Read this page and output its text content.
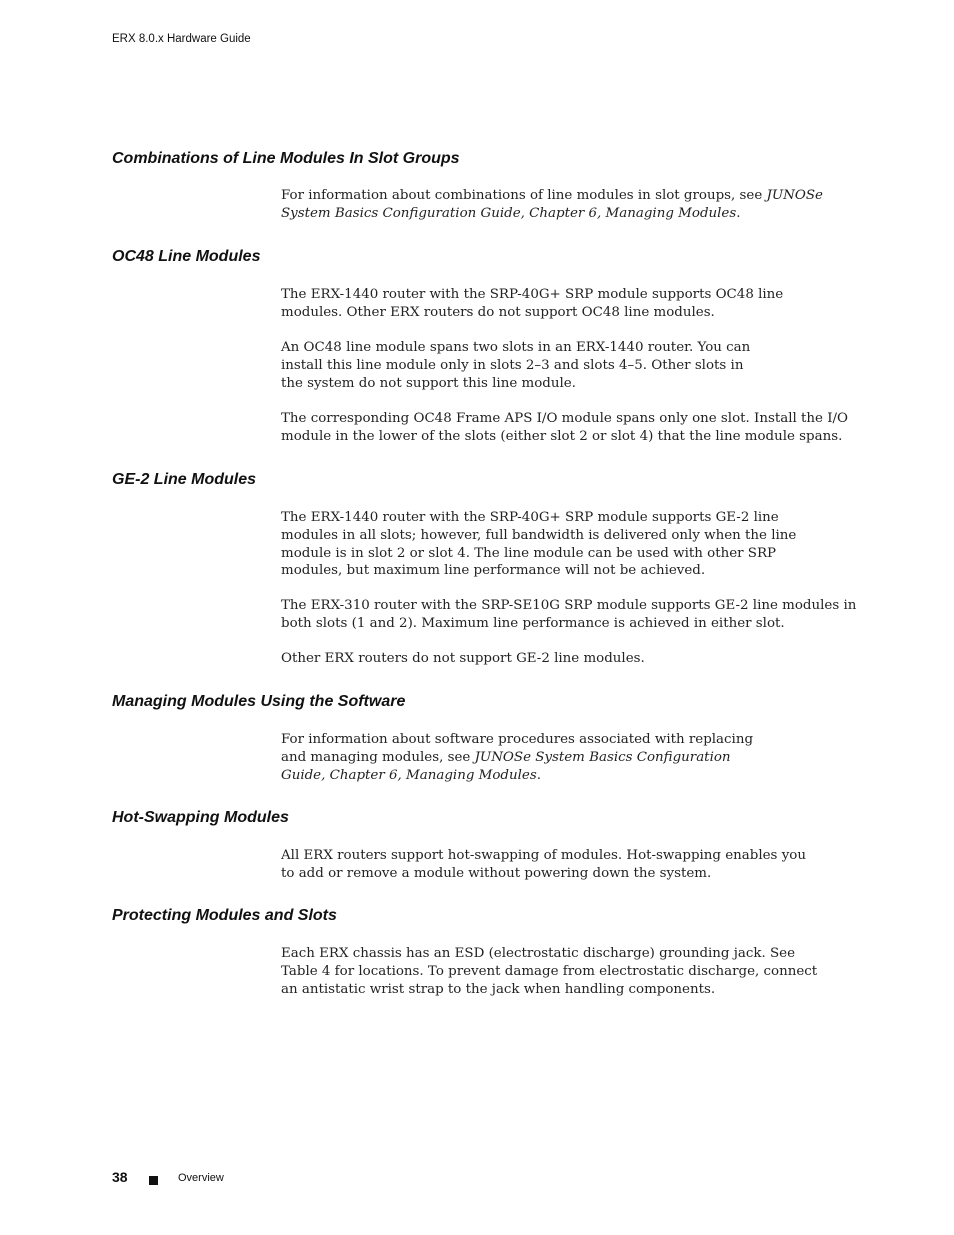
ERX 8.0.x Hardware Guide
Combinations of Line Modules In Slot Groups

For information about combinations of line modules in slot groups, see JUNOSe
System Basics Configuration Guide, Chapter 6, Managing Modules.

OC48 Line Modules

The ERX-1440 router with the SRP-40G+ SRP module supports OC48 line
modules. Other ERX routers do not support OC48 line modules.

An OC48 line module spans two slots in an ERX-1440 router. You can
install this line module only in slots 2–3 and slots 4–5. Other slots in
the system do not support this line module.

The corresponding OC48 Frame APS I/O module spans only one slot. Install the I/O
module in the lower of the slots (either slot 2 or slot 4) that the line module spans.

GE-2 Line Modules

The ERX-1440 router with the SRP-40G+ SRP module supports GE-2 line
modules in all slots; however, full bandwidth is delivered only when the line
module is in slot 2 or slot 4. The line module can be used with other SRP
modules, but maximum line performance will not be achieved.

The ERX-310 router with the SRP-SE10G SRP module supports GE-2 line modules in
both slots (1 and 2). Maximum line performance is achieved in either slot.

Other ERX routers do not support GE-2 line modules.

Managing Modules Using the Software

For information about software procedures associated with replacing
and managing modules, see JUNOSe System Basics Configuration
Guide, Chapter 6, Managing Modules.

Hot-Swapping Modules

All ERX routers support hot-swapping of modules. Hot-swapping enables you
to add or remove a module without powering down the system.

Protecting Modules and Slots

Each ERX chassis has an ESD (electrostatic discharge) grounding jack. See
Table 4 for locations. To prevent damage from electrostatic discharge, connect
an antistatic wrist strap to the jack when handling components.

38	Overview
